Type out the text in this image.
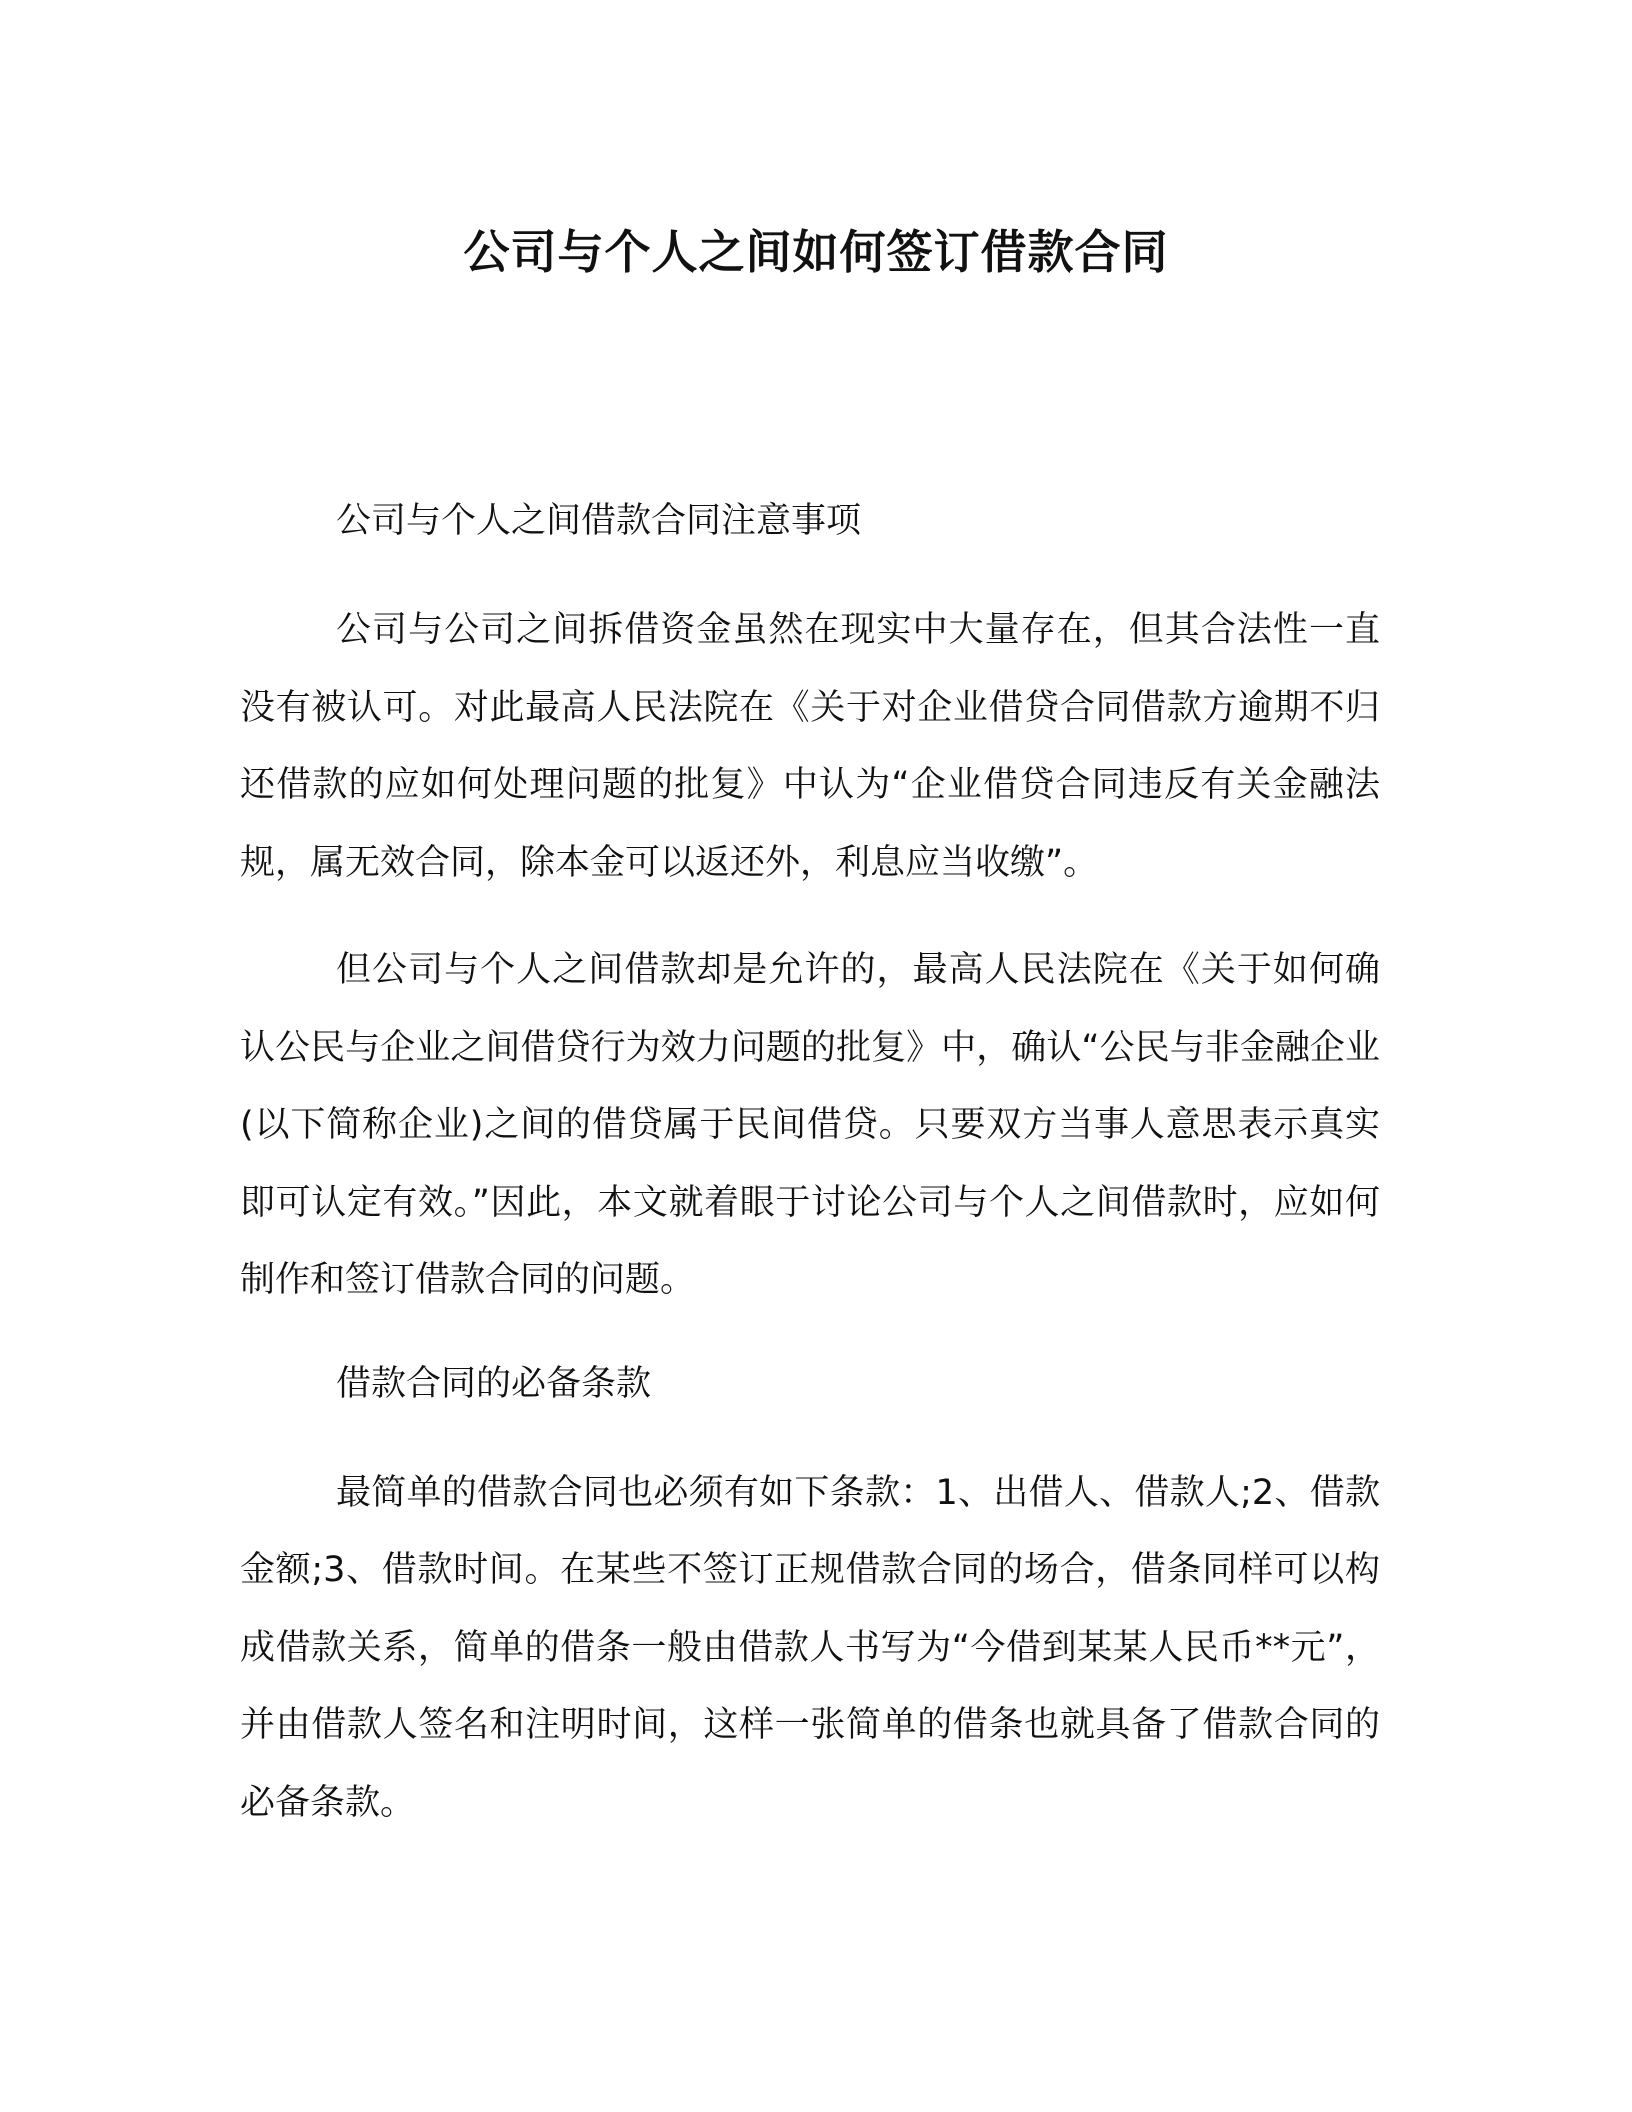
公司与个人之间如何签订借款合同
公司与个人之间借款合同注意事项

公司与公司之间拆借资金虽然在现实中大量存在，但其合法性一直没有被认可。对此最高人民法院在《关于对企业借贷合同借款方逾期不归还借款的应如何处理问题的批复》中认为“企业借贷合同违反有关金融法规，属无效合同，除本金可以返还外，利息应当收缴”。

但公司与个人之间借款却是允许的，最高人民法院在《关于如何确认公民与企业之间借贷行为效力问题的批复》中，确认“公民与非金融企业(以下简称企业)之间的借贷属于民间借贷。只要双方当事人意思表示真实即可认定有效。”因此，本文就着眼于讨论公司与个人之间借款时，应如何制作和签订借款合同的问题。

借款合同的必备条款

最简单的借款合同也必须有如下条款：1、出借人、借款人;2、借款金额;3、借款时间。在某些不签订正规借款合同的场合，借条同样可以构成借款关系，简单的借条一般由借款人书写为“今借到某某人民币**元”，并由借款人签名和注明时间，这样一张简单的借条也就具备了借款合同的必备条款。
